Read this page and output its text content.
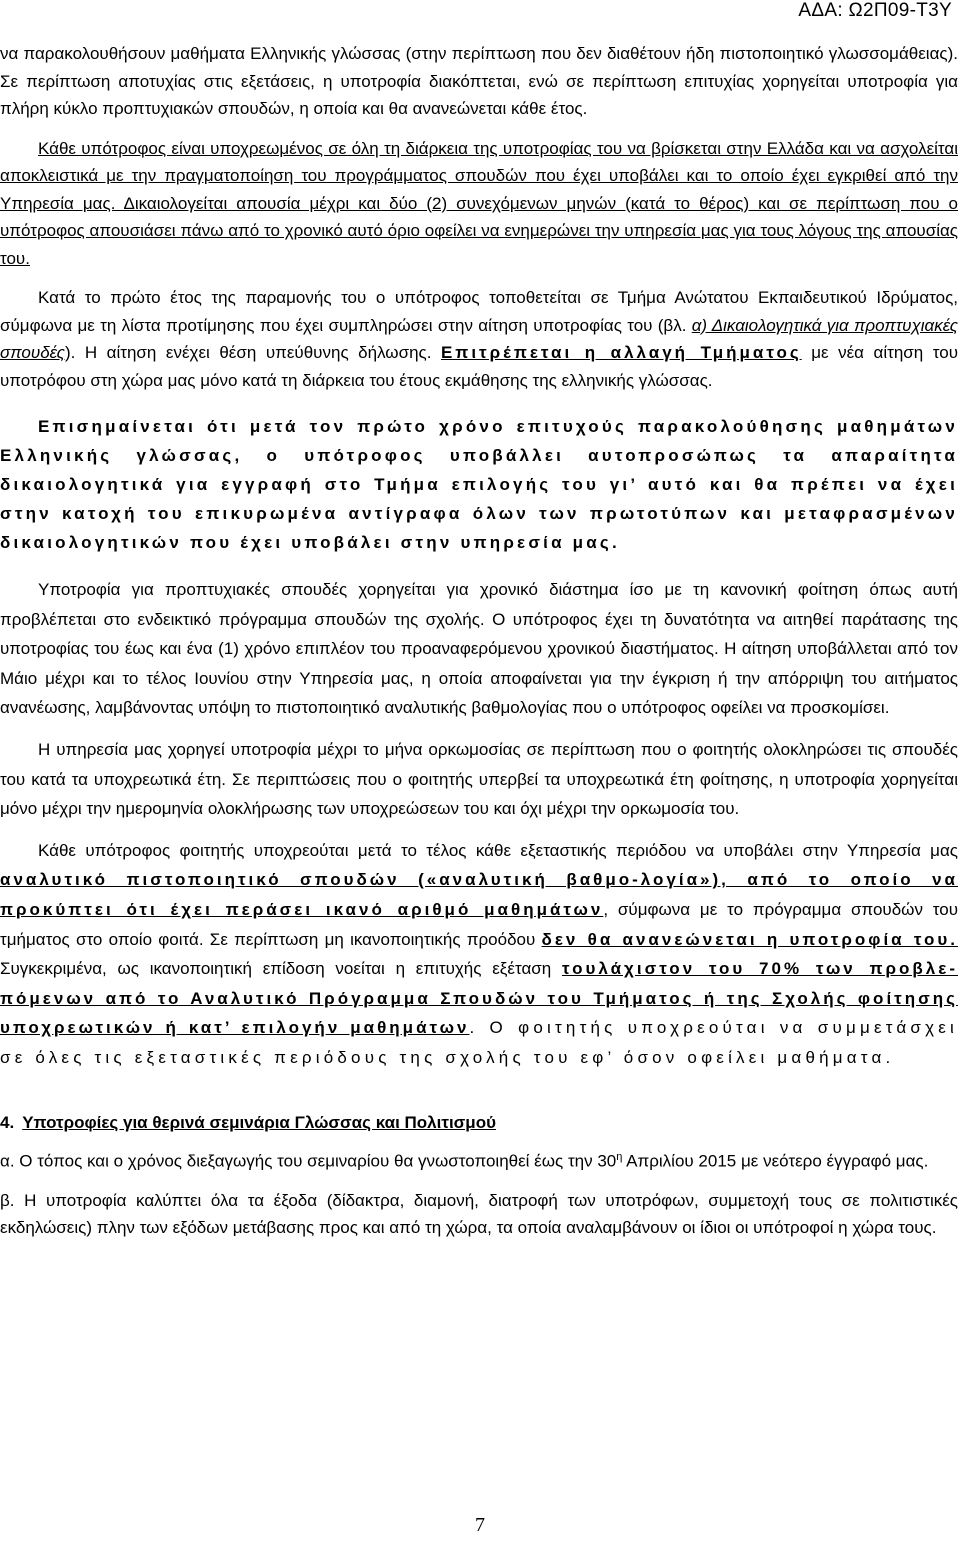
ΑΔΑ: Ω2Π09-Τ3Υ

να παρακολουθήσουν μαθήματα Ελληνικής γλώσσας (στην περίπτωση που δεν διαθέτουν ήδη πιστοποιητικό γλωσσομάθειας). Σε περίπτωση αποτυχίας στις εξετάσεις, η υποτροφία διακόπτεται, ενώ σε περίπτωση επιτυχίας χορηγείται υποτροφία για πλήρη κύκλο προπτυχιακών σπουδών, η οποία και θα ανανεώνεται κάθε έτος.

Κάθε υπότροφος είναι υποχρεωμένος σε όλη τη διάρκεια της υποτροφίας του να βρίσκεται στην Ελλάδα και να ασχολείται αποκλειστικά με την πραγματοποίηση του προγράμματος σπουδών που έχει υποβάλει και το οποίο έχει εγκριθεί από την Υπηρεσία μας. Δικαιολογείται απουσία μέχρι και δύο (2) συνεχόμενων μηνών (κατά το θέρος) και σε περίπτωση που ο υπότροφος απουσιάσει πάνω από το χρονικό αυτό όριο οφείλει να ενημερώνει την υπηρεσία μας για τους λόγους της απουσίας του.

Κατά το πρώτο έτος της παραμονής του ο υπότροφος τοποθετείται σε Τμήμα Ανώτατου Εκπαιδευτικού Ιδρύματος, σύμφωνα με τη λίστα προτίμησης που έχει συμπληρώσει στην αίτηση υποτροφίας του (βλ. α) Δικαιολογητικά για προπτυχιακές σπουδές). Η αίτηση ενέχει θέση υπεύθυνης δήλωσης. Επιτρέπεται η αλλαγή Τμήματος με νέα αίτηση του υποτρόφου στη χώρα μας μόνο κατά τη διάρκεια του έτους εκμάθησης της ελληνικής γλώσσας.

Επισημαίνεται ότι μετά τον πρώτο χρόνο επιτυχούς παρακολούθησης μαθημάτων Ελληνικής γλώσσας, ο υπότροφος υποβάλλει αυτοπροσώπως τα απαραίτητα δικαιολογητικά για εγγραφή στο Τμήμα επιλογής του γι’ αυτό και θα πρέπει να έχει στην κατοχή του επικυρωμένα αντίγραφα όλων των πρωτοτύπων και μεταφρασμένων δικαιολογητικών που έχει υποβάλει στην υπηρεσία μας.

Υποτροφία για προπτυχιακές σπουδές χορηγείται για χρονικό διάστημα ίσο με τη κανονική φοίτηση όπως αυτή προβλέπεται στο ενδεικτικό πρόγραμμα σπουδών της σχολής. Ο υπότροφος έχει τη δυνατότητα να αιτηθεί παράτασης της υποτροφίας του έως και ένα (1) χρόνο επιπλέον του προαναφερόμενου χρονικού διαστήματος. Η αίτηση υποβάλλεται από τον Μάιο μέχρι και το τέλος Ιουνίου στην Υπηρεσία μας, η οποία αποφαίνεται για την έγκριση ή την απόρριψη του αιτήματος ανανέωσης, λαμβάνοντας υπόψη το πιστοποιητικό αναλυτικής βαθμολογίας που ο υπότροφος οφείλει να προσκομίσει.

Η υπηρεσία μας χορηγεί υποτροφία μέχρι το μήνα ορκωμοσίας σε περίπτωση που ο φοιτητής ολοκληρώσει τις σπουδές του κατά τα υποχρεωτικά έτη. Σε περιπτώσεις που ο φοιτητής υπερβεί τα υποχρεωτικά έτη φοίτησης, η υποτροφία χορηγείται μόνο μέχρι την ημερομηνία ολοκλήρωσης των υποχρεώσεων του και όχι μέχρι την ορκωμοσία του.

Κάθε υπότροφος φοιτητής υποχρεούται μετά το τέλος κάθε εξεταστικής περιόδου να υποβάλει στην Υπηρεσία μας αναλυτικό πιστοποιητικό σπουδών («αναλυτική βαθμο-λογία»), από το οποίο να προκύπτει ότι έχει περάσει ικανό αριθμό μαθημάτων, σύμφωνα με το πρόγραμμα σπουδών του τμήματος στο οποίο φοιτά. Σε περίπτωση μη ικανοποιητικής προόδου δεν θα ανανεώνεται η υποτροφία του. Συγκεκριμένα, ως ικανοποιητική επίδοση νοείται η επιτυχής εξέταση τουλάχιστον του 70% των προβλε-πόμενων από το Αναλυτικό Πρόγραμμα Σπουδών του Τμήματος ή της Σχολής φοίτησης υποχρεωτικών ή κατ’ επιλογήν μαθημάτων. Ο φοιτητής υποχρεούται να συμμετάσχει σε όλες τις εξεταστικές περιόδους της σχολής του εφ’ όσον οφείλει μαθήματα.

4. Υποτροφίες για θερινά σεμινάρια Γλώσσας και Πολιτισμού

α. Ο τόπος και ο χρόνος διεξαγωγής του σεμιναρίου θα γνωστοποιηθεί έως την $30^\eta$ Απριλίου 2015 με νεότερο έγγραφό μας.

β. Η υποτροφία καλύπτει όλα τα έξοδα (δίδακτρα, διαμονή, διατροφή των υποτρόφων, συμμετοχή τους σε πολιτιστικές εκδηλώσεις) πλην των εξόδων μετάβασης προς και από τη χώρα, τα οποία αναλαμβάνουν οι ίδιοι οι υπότροφοί η χώρα τους.

7
